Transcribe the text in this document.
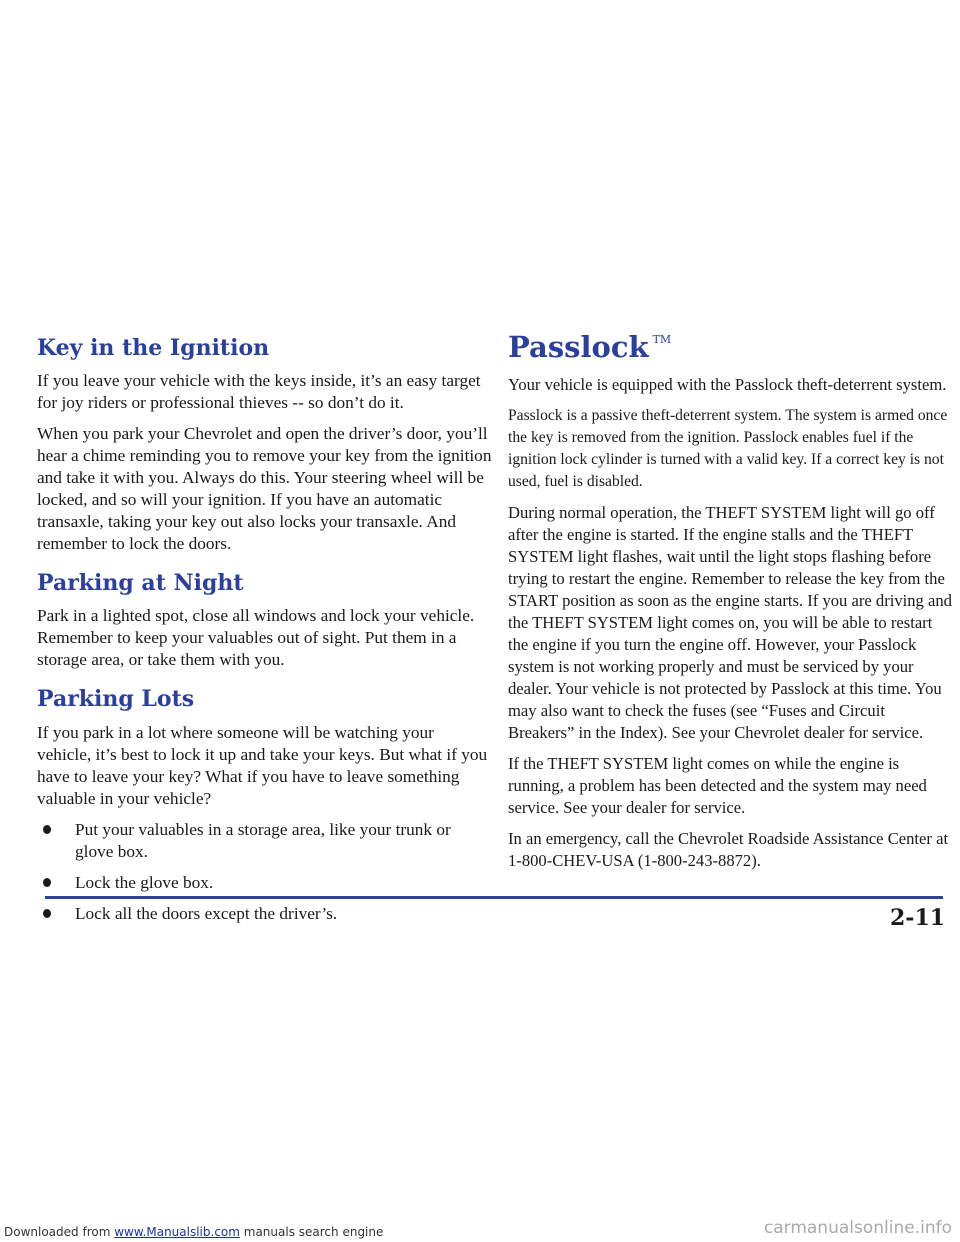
Key in the Ignition

If you leave your vehicle with the keys inside, it’s an easy target for joy riders or professional thieves -- so don’t do it.

When you park your Chevrolet and open the driver’s door, you’ll hear a chime reminding you to remove your key from the ignition and take it with you. Always do this. Your steering wheel will be locked, and so will your ignition. If you have an automatic transaxle, taking your key out also locks your transaxle. And remember to lock the doors.

Parking at Night

Park in a lighted spot, close all windows and lock your vehicle. Remember to keep your valuables out of sight. Put them in a storage area, or take them with you.

Parking Lots

If you park in a lot where someone will be watching your vehicle, it’s best to lock it up and take your keys. But what if you have to leave your key? What if you have to leave something valuable in your vehicle?

Put your valuables in a storage area, like your trunk or glove box.
Lock the glove box.
Lock all the doors except the driver’s.
Passlock ™

Your vehicle is equipped with the Passlock theft-deterrent system.

Passlock is a passive theft-deterrent system. The system is armed once the key is removed from the ignition. Passlock enables fuel if the ignition lock cylinder is turned with a valid key. If a correct key is not used, fuel is disabled.

During normal operation, the THEFT SYSTEM light will go off after the engine is started. If the engine stalls and the THEFT SYSTEM light flashes, wait until the light stops flashing before trying to restart the engine. Remember to release the key from the START position as soon as the engine starts. If you are driving and the THEFT SYSTEM light comes on, you will be able to restart the engine if you turn the engine off. However, your Passlock system is not working properly and must be serviced by your dealer. Your vehicle is not protected by Passlock at this time. You may also want to check the fuses (see “Fuses and Circuit Breakers” in the Index). See your Chevrolet dealer for service.

If the THEFT SYSTEM light comes on while the engine is running, a problem has been detected and the system may need service. See your dealer for service.

In an emergency, call the Chevrolet Roadside Assistance Center at 1-800-CHEV-USA (1-800-243-8872).

2-11
Downloaded from www.Manualslib.com manuals search engine	carmanualsonline.info
